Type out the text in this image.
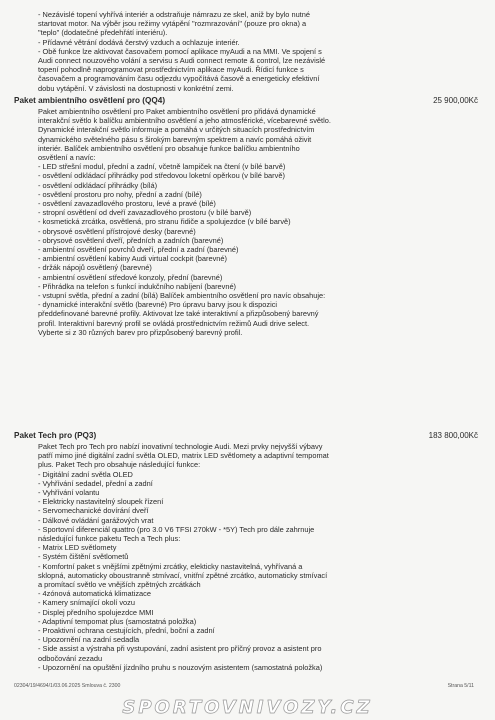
- Nezávislé topení vyhřívá interiér a odstraňuje námrazu ze skel, aniž by bylo nutné
startovat motor. Na výběr jsou režimy vytápění "rozmrazování" (pouze pro okna) a
"teplo" (dodatečné předehřátí interiéru).
- Přídavné větrání dodává čerstvý vzduch a ochlazuje interiér.
- Obě funkce lze aktivovat časovačem pomocí aplikace myAudi a na MMI. Ve spojení s
Audi connect nouzového volání a servisu s Audi connect remote & control, lze nezávislé
topení pohodlně naprogramovat prostřednictvím aplikace myAudi. Řídicí funkce s
časovačem a programováním času odjezdu vypočítává časově a energeticky efektivní
dobu vytápění. V závislosti na dostupnosti v konkrétní zemi.
Paket ambientního osvětlení pro (QQ4)	25 900,00Kč
Paket ambientního osvětlení pro Paket ambientního osvětlení pro přidává dynamické
interakční světlo k balíčku ambientního osvětlení a jeho atmosférické, vícebarevné světlo.
Dynamické interakční světlo informuje a pomáhá v určitých situacích prostřednictvím
dynamického světelného pásu s širokým barevným spektrem a navíc pomáhá oživit
interiér. Balíček ambientního osvětlení pro obsahuje funkce balíčku ambientního
osvětlení a navíc:
- LED střešní modul, přední a zadní, včetně lampiček na čtení (v bílé barvě)
- osvětlení odkládací přihrádky pod středovou loketní opěrkou (v bílé barvě)
- osvětlení odkládací přihrádky (bílá)
- osvětlení prostoru pro nohy, přední a zadní (bílé)
- osvětlení zavazadlového prostoru, levé a pravé (bílé)
- stropní osvětlení od dveří zavazadlového prostoru (v bílé barvě)
- kosmetická zrcátka, osvětlená, pro stranu řidiče a spolujezdce (v bílé barvě)
- obrysové osvětlení přístrojové desky (barevné)
- obrysové osvětlení dveří, předních a zadních (barevné)
- ambientní osvětlení povrchů dveří, přední a zadní (barevné)
- ambientní osvětlení kabiny Audi virtual cockpit (barevné)
- držák nápojů osvětlený (barevné)
- ambientní osvětlení středové konzoly, přední (barevné)
- Přihrádka na telefon s funkcí indukčního nabíjení (barevné)
- vstupní světla, přední a zadní (bílá) Balíček ambientního osvětlení pro navíc obsahuje:
- dynamické interakční světlo (barevné) Pro úpravu barvy jsou k dispozici
předdefinované barevné profily. Aktivovat lze také interaktivní a přizpůsobený barevný
profil. Interaktivní barevný profil se ovládá prostřednictvím režimů Audi drive select.
Vyberte si z 30 různých barev pro přizpůsobený barevný profil.
Paket Tech pro (PQ3)	183 800,00Kč
Paket Tech pro Tech pro nabízí inovativní technologie Audi. Mezi prvky nejvyšší výbavy
patří mimo jiné digitální zadní světla OLED, matrix LED světlomety a adaptivní tempomat
plus. Paket Tech pro obsahuje následující funkce:
- Digitální zadní světla OLED
- Vyhřívání sedadel, přední a zadní
- Vyhřívání volantu
- Elektricky nastavitelný sloupek řízení
- Servomechanické dovírání dveří
- Dálkové ovládání garážových vrat
- Sportovní diferenciál quattro (pro 3.0 V6 TFSI 270kW - *5Y) Tech pro dále zahrnuje
následující funkce paketu Tech a Tech plus:
- Matrix LED světlomety
- Systém čištění světlometů
- Komfortní paket s vnějšími zpětnými zrcátky, elekticky nastavitelná, vyhřívaná a
sklopná, automaticky oboustranně stmívací, vnitřní zpětné zrcátko, automaticky stmívací
a promítací světlo ve vnějších zpětných zrcátkách
- 4zónová automatická klimatizace
- Kamery snímající okolí vozu
- Displej předního spolujezdce MMI
- Adaptivní tempomat plus (samostatná položka)
- Proaktivní ochrana cestujících, přední, boční a zadní
- Upozornění na zadní sedadla
- Side assist a výstraha při vystupování, zadní asistent pro příčný provoz a asistent pro
odbočování zezadu
- Upozornění na opuštění jízdního pruhu s nouzovým asistentem (samostatná položka)
02304/19/4694/1/03.06.2025 Smlouva č. 2300	Strana 5/11
SPORTOVNIVOZY.CZ
